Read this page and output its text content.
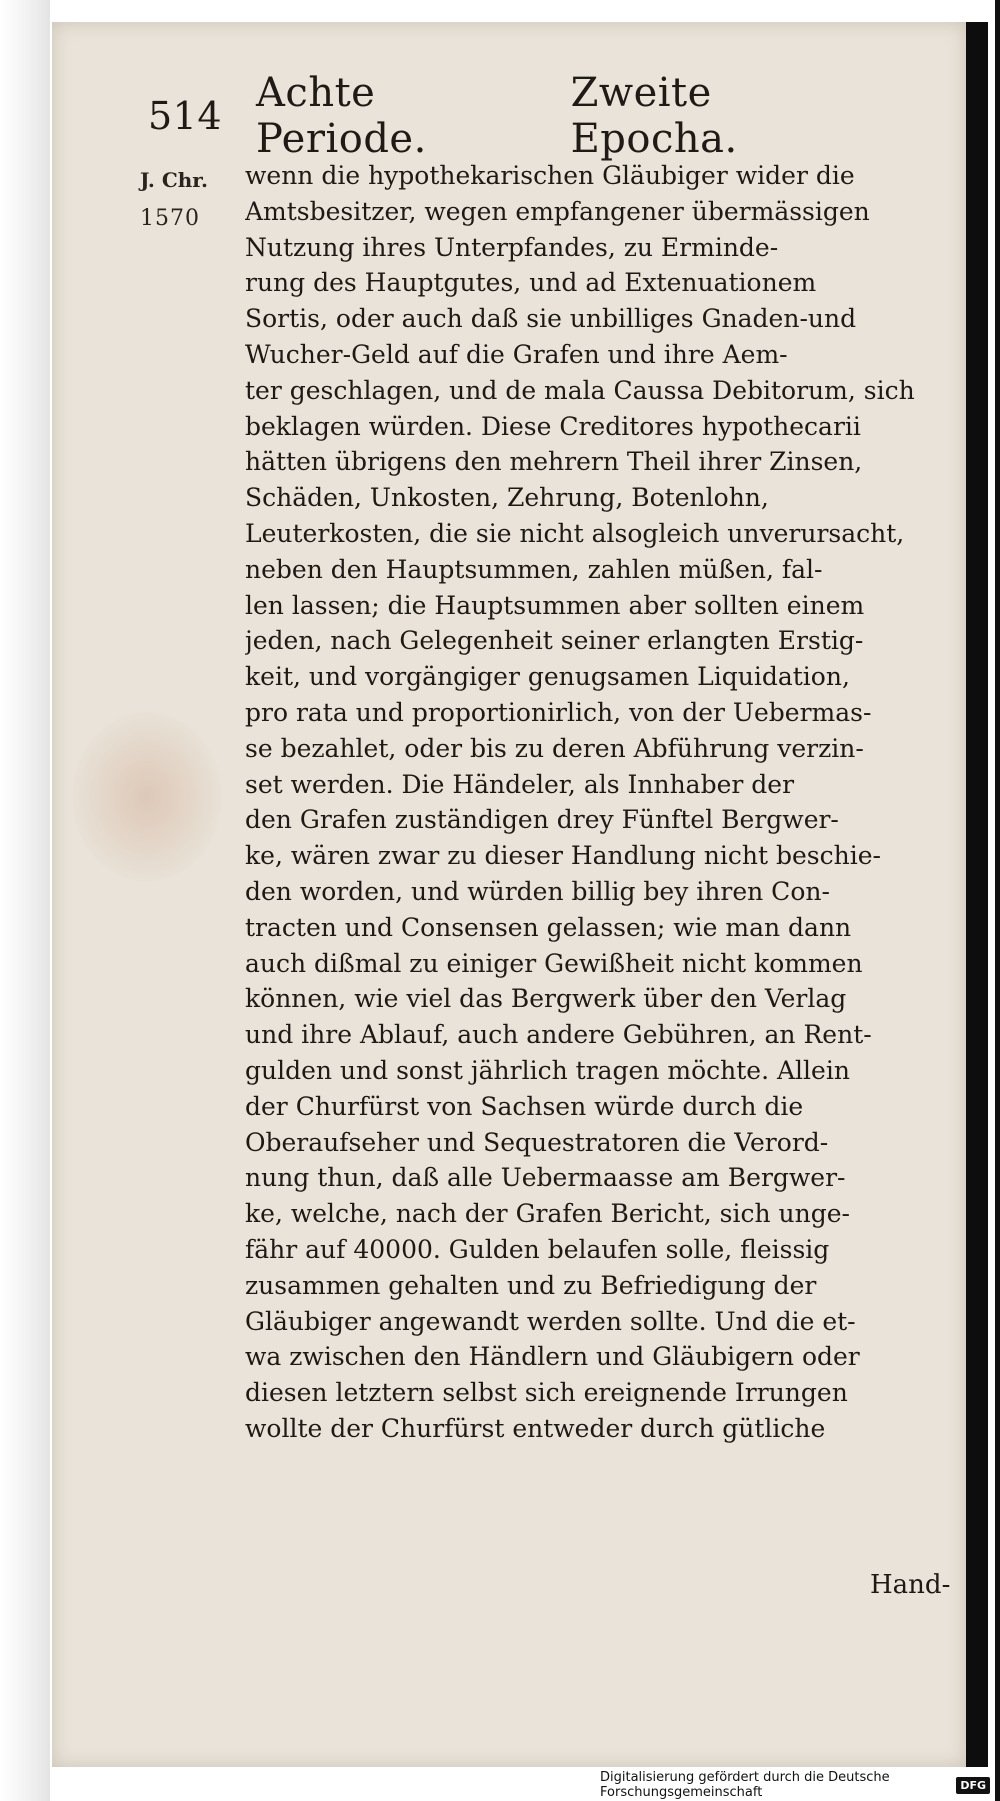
514 Achte Periode.
Zweite Epocha.
J. Chr.
1570
wenn die hypothekarischen Gläubiger wider die
Amtsbesitzer, wegen empfangener übermässigen
Nutzung ihres Unterpfandes, zu Erminde-
rung des Hauptgutes, und ad Extenuationem
Sortis, oder auch daß sie unbilliges Gnaden-und
Wucher-Geld auf die Grafen und ihre Aem-
ter geschlagen, und de mala Caussa Debitorum, sich
beklagen würden. Diese Creditores hypothecarii
hätten übrigens den mehrern Theil ihrer Zinsen,
Schäden, Unkosten, Zehrung, Botenlohn,
Leuterkosten, die sie nicht alsogleich unverursacht,
neben den Hauptsummen, zahlen müßen, fal-
len lassen; die Hauptsummen aber sollten einem
jeden, nach Gelegenheit seiner erlangten Erstig-
keit, und vorgängiger genugsamen Liquidation,
pro rata und proportionirlich, von der Uebermas-
se bezahlet, oder bis zu deren Abführung verzin-
set werden. Die Händeler, als Innhaber der
den Grafen zuständigen drey Fünftel Bergwer-
ke, wären zwar zu dieser Handlung nicht beschie-
den worden, und würden billig bey ihren Con-
tracten und Consensen gelassen; wie man dann
auch dißmal zu einiger Gewißheit nicht kommen
können, wie viel das Bergwerk über den Verlag
und ihre Ablauf, auch andere Gebühren, an Rent-
gulden und sonst jährlich tragen möchte. Allein
der Churfürst von Sachsen würde durch die
Oberaufseher und Sequestratoren die Verord-
nung thun, daß alle Uebermaasse am Bergwer-
ke, welche, nach der Grafen Bericht, sich unge-
fähr auf 40000. Gulden belaufen solle, fleissig
zusammen gehalten und zu Befriedigung der
Gläubiger angewandt werden sollte. Und die et-
wa zwischen den Händlern und Gläubigern oder
diesen letztern selbst sich ereignende Irrungen
wollte der Churfürst entweder durch gütliche
Hand-
Digitalisierung gefördert durch die Deutsche Forschungsgemeinschaft	DFG
